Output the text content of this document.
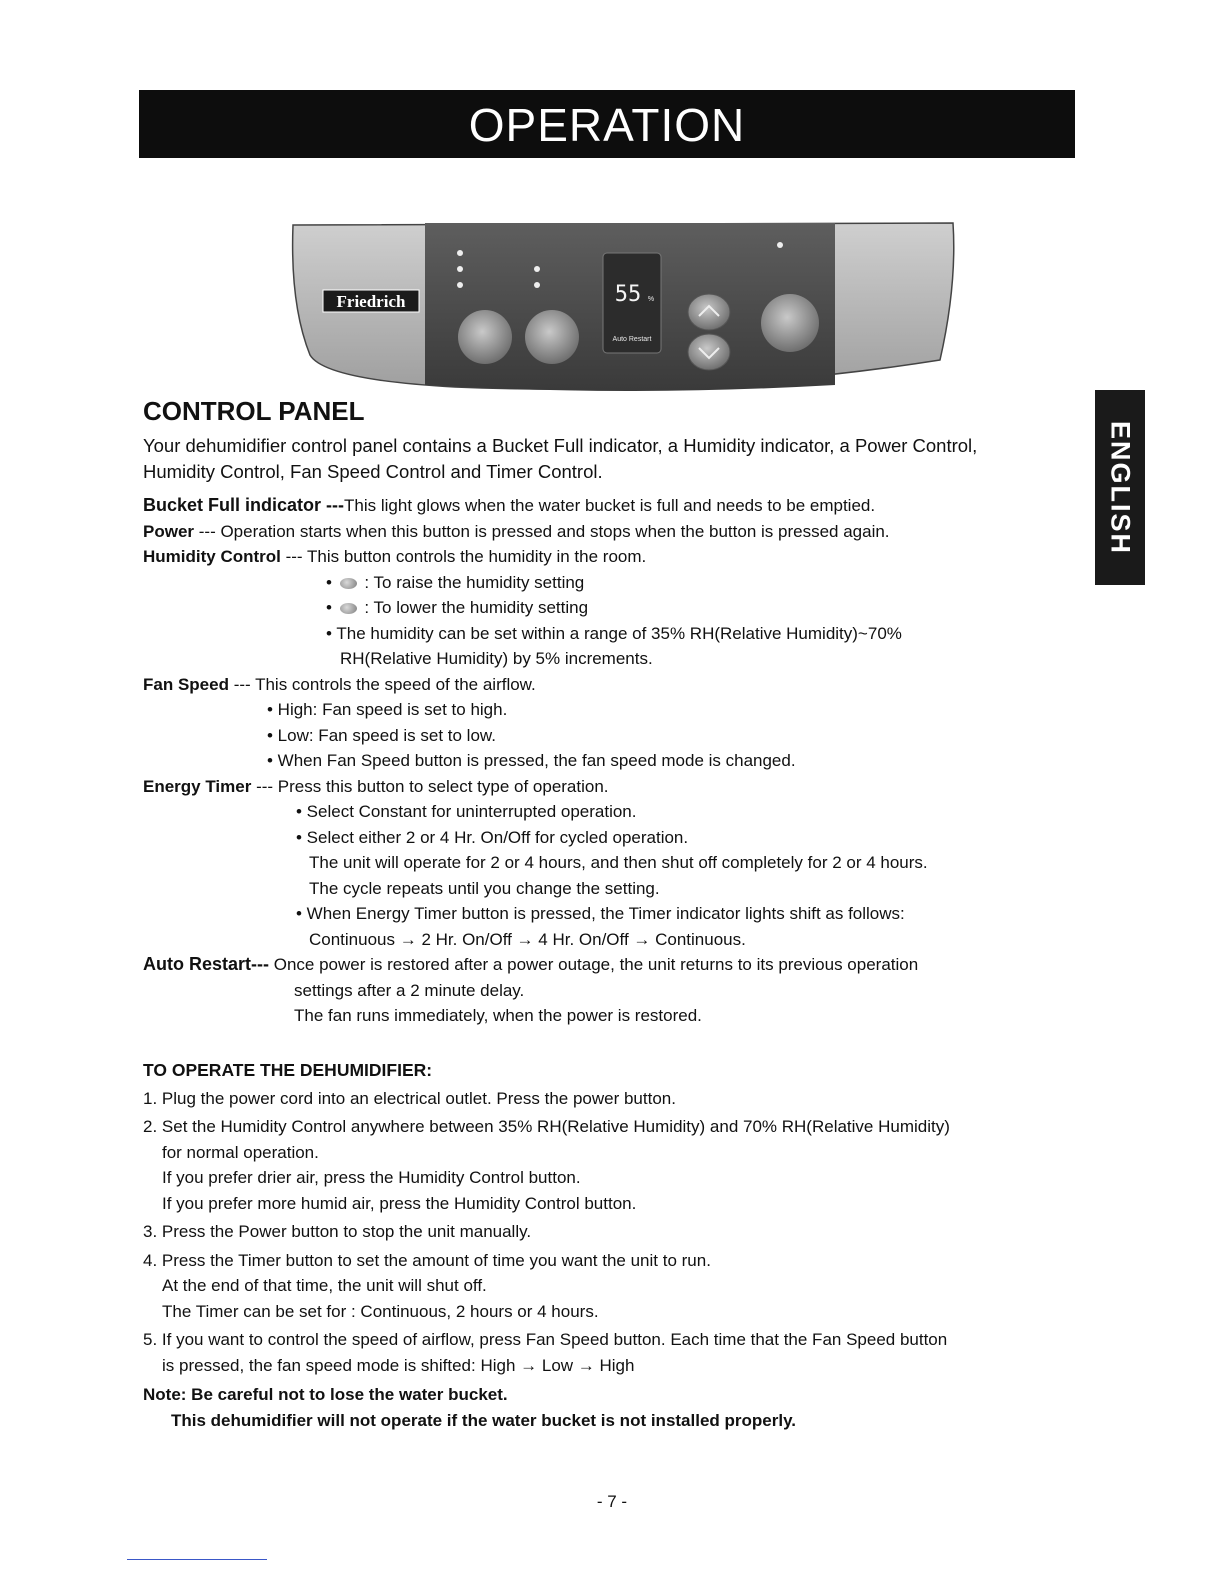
OPERATION
ENGLISH
Friedrich	55 %
Auto Restart
CONTROL PANEL
Your dehumidifier control panel contains a Bucket Full indicator, a Humidity indicator, a Power Control, Humidity Control, Fan Speed Control and Timer Control.
Bucket Full indicator ---This light glows when the water bucket is full and needs to be emptied.
Power --- Operation starts when this button is pressed and stops when the button is pressed again.
Humidity Control --- This button controls the humidity in the room.
•  : To raise the humidity setting
•  : To lower the humidity setting
• The humidity can be set within a range of 35% RH(Relative Humidity)~70%
RH(Relative Humidity) by 5% increments.
Fan Speed --- This controls the speed of the airflow.
• High: Fan speed is set to high.
• Low: Fan speed is set to low.
• When Fan Speed button is pressed, the fan speed mode is changed.
Energy Timer --- Press this button to select type of operation.
• Select Constant for uninterrupted operation.
• Select either 2 or 4 Hr. On/Off for cycled operation.
The unit will operate for 2 or 4 hours, and then shut off completely for 2 or 4 hours.
The cycle repeats until you change the setting.
• When Energy Timer button is pressed, the Timer indicator lights shift as follows:
Continuous → 2 Hr. On/Off → 4 Hr. On/Off → Continuous.
Auto Restart--- Once power is restored after a power outage, the unit returns to its previous operation
settings after a 2 minute delay.
The fan runs immediately, when the power is restored.
TO OPERATE THE DEHUMIDIFIER:
1. Plug the power cord into an electrical outlet. Press the power button.
2. Set the Humidity Control anywhere between 35% RH(Relative Humidity) and 70% RH(Relative Humidity)
for normal operation.
If you prefer drier air, press the Humidity Control button.
If you prefer more humid air, press the Humidity Control button.
3. Press the Power button to stop the unit manually.
4. Press the Timer button to set the amount of time you want the unit to run.
At the end of that time, the unit will shut off.
The Timer can be set for : Continuous, 2 hours or 4 hours.
5. If you want to control the speed of airflow, press Fan Speed button. Each time that the Fan Speed button
is pressed, the fan speed mode is shifted: High → Low → High
Note: Be careful not to lose the water bucket.
This dehumidifier will not operate if the water bucket is not installed properly.
- 7 -
